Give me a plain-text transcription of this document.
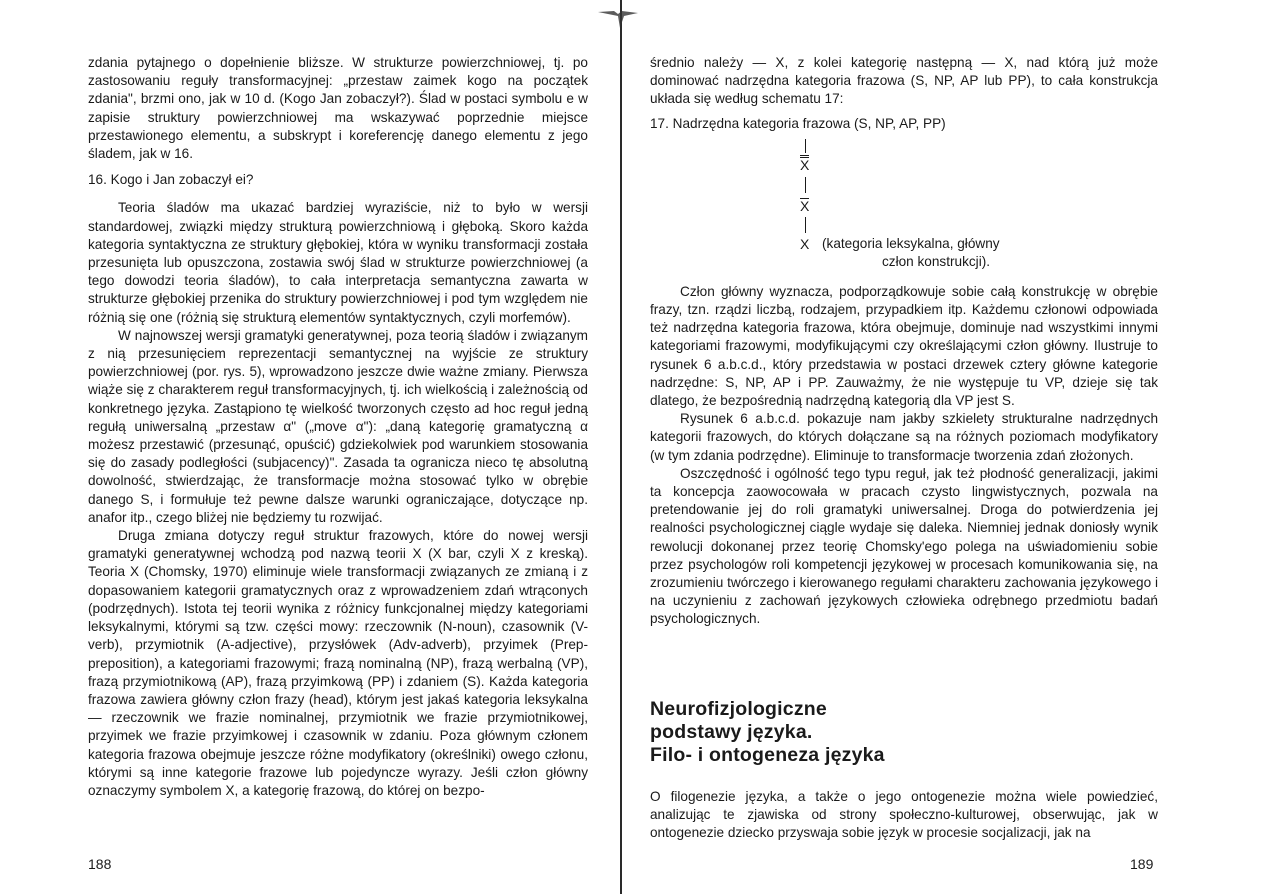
zdania pytajnego o dopełnienie bliższe. W strukturze powierzchniowej, tj. po zastosowaniu reguły transformacyjnej: „przestaw zaimek kogo na początek zdania", brzmi ono, jak w 10 d. (Kogo Jan zobaczył?). Ślad w postaci symbolu e w zapisie struktury powierzchniowej ma wskazywać poprzednie miejsce przestawionego elementu, a subskrypt i koreferencję danego elementu z jego śladem, jak w 16.

16. Kogo i Jan zobaczył ei?

Teoria śladów ma ukazać bardziej wyraziście, niż to było w wersji standardowej, związki między strukturą powierzchniową i głęboką. Skoro każda kategoria syntaktyczna ze struktury głębokiej, która w wyniku transformacji została przesunięta lub opuszczona, zostawia swój ślad w strukturze powierzchniowej (a tego dowodzi teoria śladów), to cała interpretacja semantyczna zawarta w strukturze głębokiej przenika do struktury powierzchniowej i pod tym względem nie różnią się one (różnią się strukturą elementów syntaktycznych, czyli morfemów).

W najnowszej wersji gramatyki generatywnej, poza teorią śladów i związanym z nią przesunięciem reprezentacji semantycznej na wyjście ze struktury powierzchniowej (por. rys. 5), wprowadzono jeszcze dwie ważne zmiany. Pierwsza wiąże się z charakterem reguł transformacyjnych, tj. ich wielkością i zależnością od konkretnego języka. Zastąpiono tę wielkość tworzonych często ad hoc reguł jedną regułą uniwersalną „przestaw α" („move α"): „daną kategorię gramatyczną α możesz przestawić (przesunąć, opuścić) gdziekolwiek pod warunkiem stosowania się do zasady podległości (subjacency)". Zasada ta ogranicza nieco tę absolutną dowolność, stwierdzając, że transformacje można stosować tylko w obrębie danego S, i formułuje też pewne dalsze warunki ograniczające, dotyczące np. anafor itp., czego bliżej nie będziemy tu rozwijać.

Druga zmiana dotyczy reguł struktur frazowych, które do nowej wersji gramatyki generatywnej wchodzą pod nazwą teorii X (X bar, czyli X z kreską). Teoria X (Chomsky, 1970) eliminuje wiele transformacji związanych ze zmianą i z dopasowaniem kategorii gramatycznych oraz z wprowadzeniem zdań wtrąconych (podrzędnych). Istota tej teorii wynika z różnicy funkcjonalnej między kategoriami leksykalnymi, którymi są tzw. części mowy: rzeczownik (N-noun), czasownik (V-verb), przymiotnik (A-adjective), przysłówek (Adv-adverb), przyimek (Prep-preposition), a kategoriami frazowymi; frazą nominalną (NP), frazą werbalną (VP), frazą przymiotnikową (AP), frazą przyimkową (PP) i zdaniem (S). Każda kategoria frazowa zawiera główny człon frazy (head), którym jest jakaś kategoria leksykalna — rzeczownik we frazie nominalnej, przymiotnik we frazie przymiotnikowej, przyimek we frazie przyimkowej i czasownik w zdaniu. Poza głównym członem kategoria frazowa obejmuje jeszcze różne modyfikatory (określniki) owego członu, którymi są inne kategorie frazowe lub pojedyncze wyrazy. Jeśli człon główny oznaczymy symbolem X, a kategorię frazową, do której on bezpo-

188

średnio należy — X, z kolei kategorię następną — X, nad którą już może dominować nadrzędna kategoria frazowa (S, NP, AP lub PP), to cała konstrukcja układa się według schematu 17:

17. Nadrzędna kategoria frazowa (S, NP, AP, PP)

X
X
X (kategoria leksykalna, główny
człon konstrukcji).

Człon główny wyznacza, podporządkowuje sobie całą konstrukcję w obrębie frazy, tzn. rządzi liczbą, rodzajem, przypadkiem itp. Każdemu członowi odpowiada też nadrzędna kategoria frazowa, która obejmuje, dominuje nad wszystkimi innymi kategoriami frazowymi, modyfikującymi czy określającymi człon główny. Ilustruje to rysunek 6 a.b.c.d., który przedstawia w postaci drzewek cztery główne kategorie nadrzędne: S, NP, AP i PP. Zauważmy, że nie występuje tu VP, dzieje się tak dlatego, że bezpośrednią nadrzędną kategorią dla VP jest S.

Rysunek 6 a.b.c.d. pokazuje nam jakby szkielety strukturalne nadrzędnych kategorii frazowych, do których dołączane są na różnych poziomach modyfikatory (w tym zdania podrzędne). Eliminuje to transformacje tworzenia zdań złożonych.

Oszczędność i ogólność tego typu reguł, jak też płodność generalizacji, jakimi ta koncepcja zaowocowała w pracach czysto lingwistycznych, pozwala na pretendowanie jej do roli gramatyki uniwersalnej. Droga do potwierdzenia jej realności psychologicznej ciągle wydaje się daleka. Niemniej jednak doniosły wynik rewolucji dokonanej przez teorię Chomsky'ego polega na uświadomieniu sobie przez psychologów roli kompetencji językowej w procesach komunikowania się, na zrozumieniu twórczego i kierowanego regułami charakteru zachowania językowego i na uczynieniu z zachowań językowych człowieka odrębnego przedmiotu badań psychologicznych.

Neurofizjologiczne
podstawy języka.
Filo- i ontogeneza języka

O filogenezie języka, a także o jego ontogenezie można wiele powiedzieć, analizując te zjawiska od strony społeczno-kulturowej, obserwując, jak w ontogenezie dziecko przyswaja sobie język w procesie socjalizacji, jak na

189
